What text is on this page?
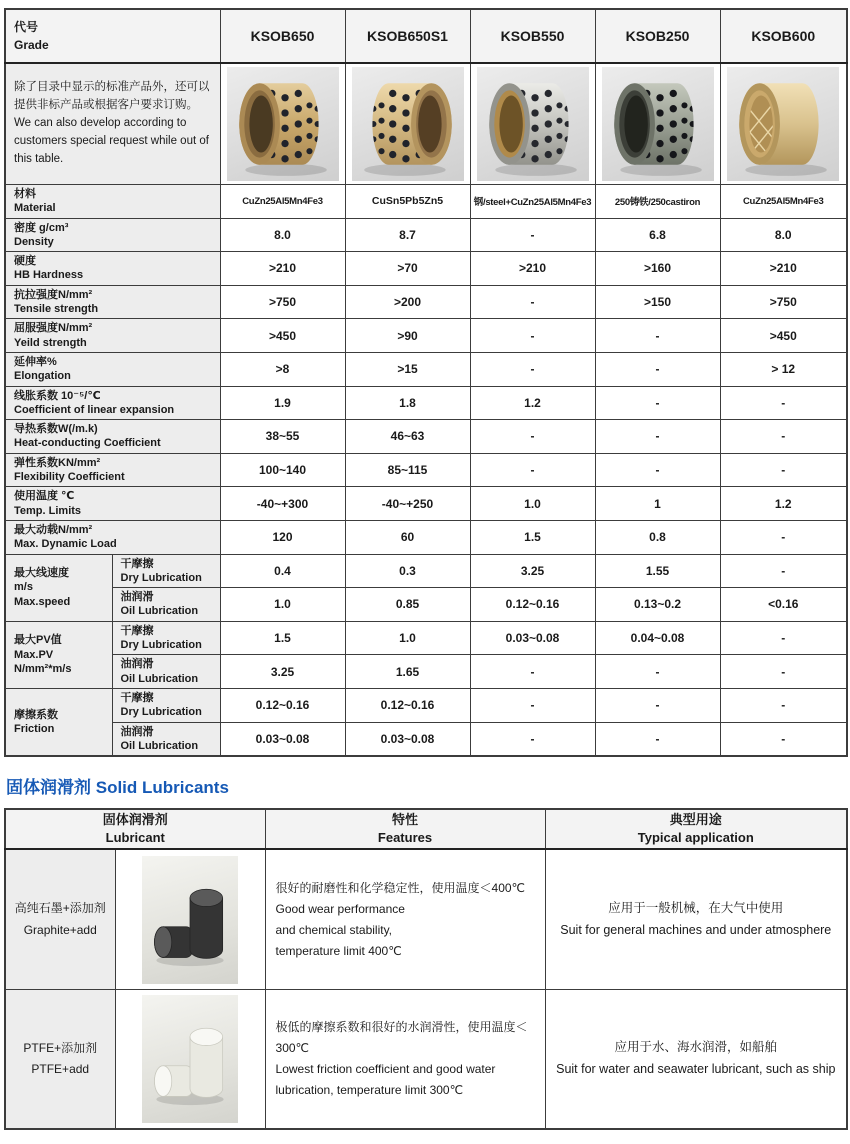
代号
Grade		KSOB650	KSOB650S1	KSOB550	KSOB250	KSOB600

除了目录中显示的标准产品外，还可以提供非标产品或根据客户要求订购。
We can also develop according to customers special request while out of this table.

材料
Material		CuZn25Al5Mn4Fe3	CuSn5Pb5Zn5	钢/steel+CuZn25Al5Mn4Fe3	250铸铁/250castiron	CuZn25Al5Mn4Fe3

密度 g/cm³
Density		8.0	8.7	-	6.8	8.0

硬度
HB Hardness		>210	>70	>210	>160	>210

抗拉强度N/mm²
Tensile strength		>750	>200	-	>150	>750

屈服强度N/mm²
Yeild strength		>450	>90	-	-	>450

延伸率%
Elongation		>8	>15	-	-	> 12

线胀系数 10⁻⁵/℃
Coefficient of linear expansion		1.9	1.8	1.2	-	-

导热系数W(/m.k)
Heat-conducting Coefficient		38~55	46~63	-	-	-

弹性系数KN/mm²
Flexibility Coefficient		100~140	85~115	-	-	-

使用温度 ℃
Temp. Limits		-40~+300	-40~+250	1.0	1	1.2

最大动载N/mm²
Max. Dynamic Load		120	60	1.5	0.8	-

最大线速度
m/s
Max.speed

干摩擦
Dry Lubrication	0.4	0.3	3.25	1.55	-

	油润滑
Oil Lubrication	1.0	0.85	0.12~0.16	0.13~0.2	<0.16

最大PV值
Max.PV
N/mm²*m/s

干摩擦
Dry Lubrication	1.5	1.0	0.03~0.08	0.04~0.08	-

	油润滑
Oil Lubrication	3.25	1.65	-	-	-

摩擦系数
Friction

干摩擦
Dry Lubrication	0.12~0.16	0.12~0.16	-	-	-

	油润滑
Oil Lubrication	0.03~0.08	0.03~0.08	-	-	-
固体润滑剂 Solid Lubricants
固体润滑剂
Lubricant

特性
Features

典型用途
Typical application

高纯石墨+添加剂
Graphite+add

很好的耐磨性和化学稳定性，使用温度＜400℃
Good wear performance
and chemical stability,
temperature limit 400℃

应用于一般机械，在大气中使用
Suit for general machines and under atmosphere

PTFE+添加剂
PTFE+add

极低的摩擦系数和很好的水润滑性，使用温度＜300℃
Lowest friction coefficient and good water
lubrication, temperature limit 300℃

应用于水、海水润滑，如船舶
Suit for water and seawater lubricant, such as ship
